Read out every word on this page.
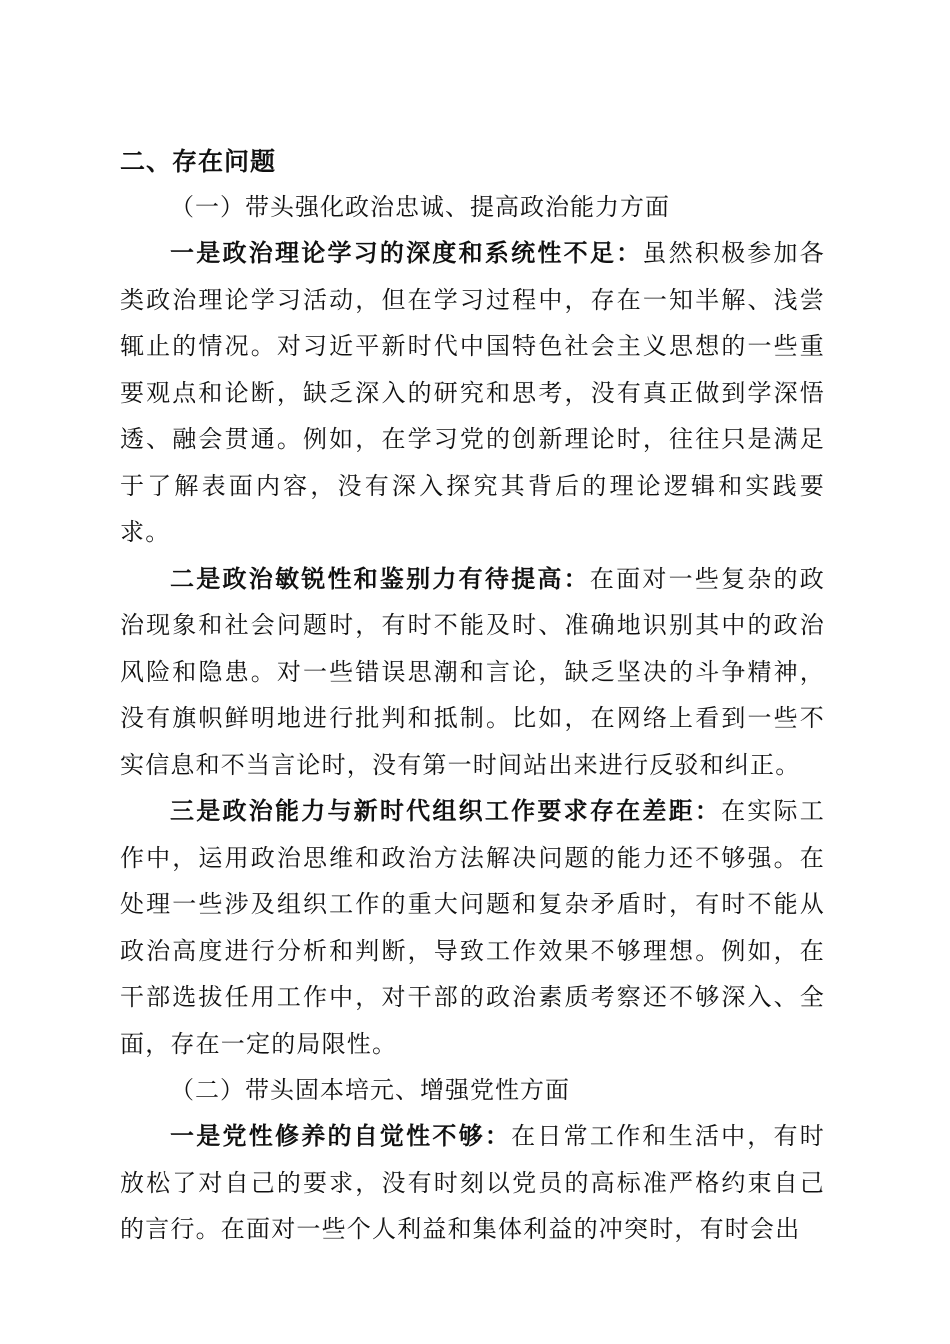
二、存在问题

（一）带头强化政治忠诚、提高政治能力方面

一是政治理论学习的深度和系统性不足：虽然积极参加各类政治理论学习活动，但在学习过程中，存在一知半解、浅尝辄止的情况。对习近平新时代中国特色社会主义思想的一些重要观点和论断，缺乏深入的研究和思考，没有真正做到学深悟透、融会贯通。例如，在学习党的创新理论时，往往只是满足于了解表面内容，没有深入探究其背后的理论逻辑和实践要求。

二是政治敏锐性和鉴别力有待提高：在面对一些复杂的政治现象和社会问题时，有时不能及时、准确地识别其中的政治风险和隐患。对一些错误思潮和言论，缺乏坚决的斗争精神，没有旗帜鲜明地进行批判和抵制。比如，在网络上看到一些不实信息和不当言论时，没有第一时间站出来进行反驳和纠正。

三是政治能力与新时代组织工作要求存在差距：在实际工作中，运用政治思维和政治方法解决问题的能力还不够强。在处理一些涉及组织工作的重大问题和复杂矛盾时，有时不能从政治高度进行分析和判断，导致工作效果不够理想。例如，在干部选拔任用工作中，对干部的政治素质考察还不够深入、全面，存在一定的局限性。

（二）带头固本培元、增强党性方面

一是党性修养的自觉性不够：在日常工作和生活中，有时放松了对自己的要求，没有时刻以党员的高标准严格约束自己的言行。在面对一些个人利益和集体利益的冲突时，有时会出
